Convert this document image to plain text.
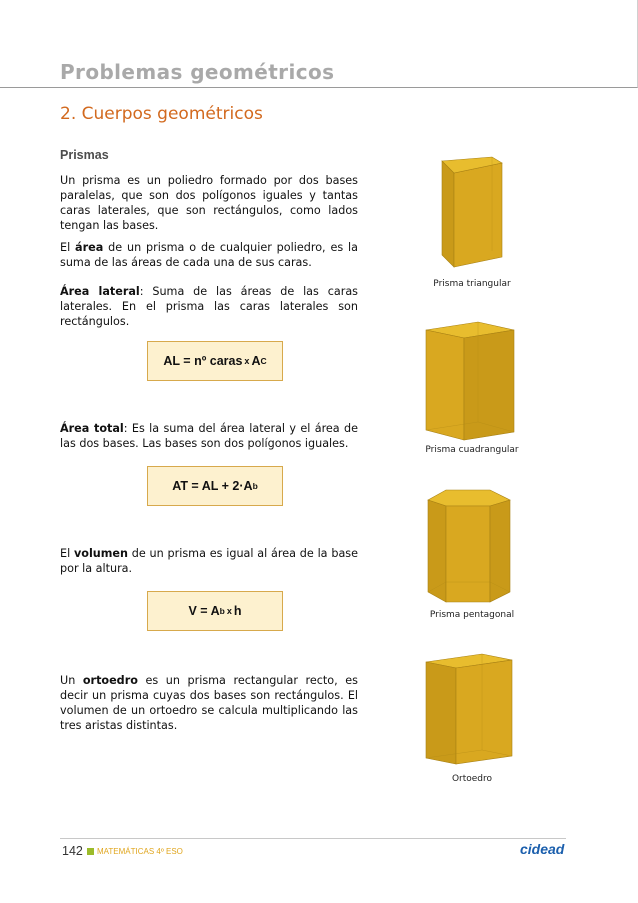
Problemas geométricos
2. Cuerpos geométricos
Prismas

Un prisma es un poliedro formado por dos bases paralelas, que son dos polígonos iguales y tantas caras laterales, que son rectángulos, como lados tengan las bases.

El área de un prisma o de cualquier poliedro, es la suma de las áreas de cada una de sus caras.

Área lateral: Suma de las áreas de las caras laterales. En el prisma las caras laterales son rectángulos.

AL = nº caras x A C

Área total: Es la suma del área lateral y el área de las dos bases. Las bases son dos polígonos iguales.

AT = AL + 2·A b

El volumen de un prisma es igual al área de la base por la altura.

V = A b x h

Un ortoedro es un prisma rectangular recto, es decir un prisma cuyas dos bases son rectángulos. El volumen de un ortoedro se calcula multiplicando las tres aristas distintas.

Prisma triangular
Prisma cuadrangular
Prisma pentagonal
Ortoedro
142 MATEMÁTICAS 4º ESO	cidead
